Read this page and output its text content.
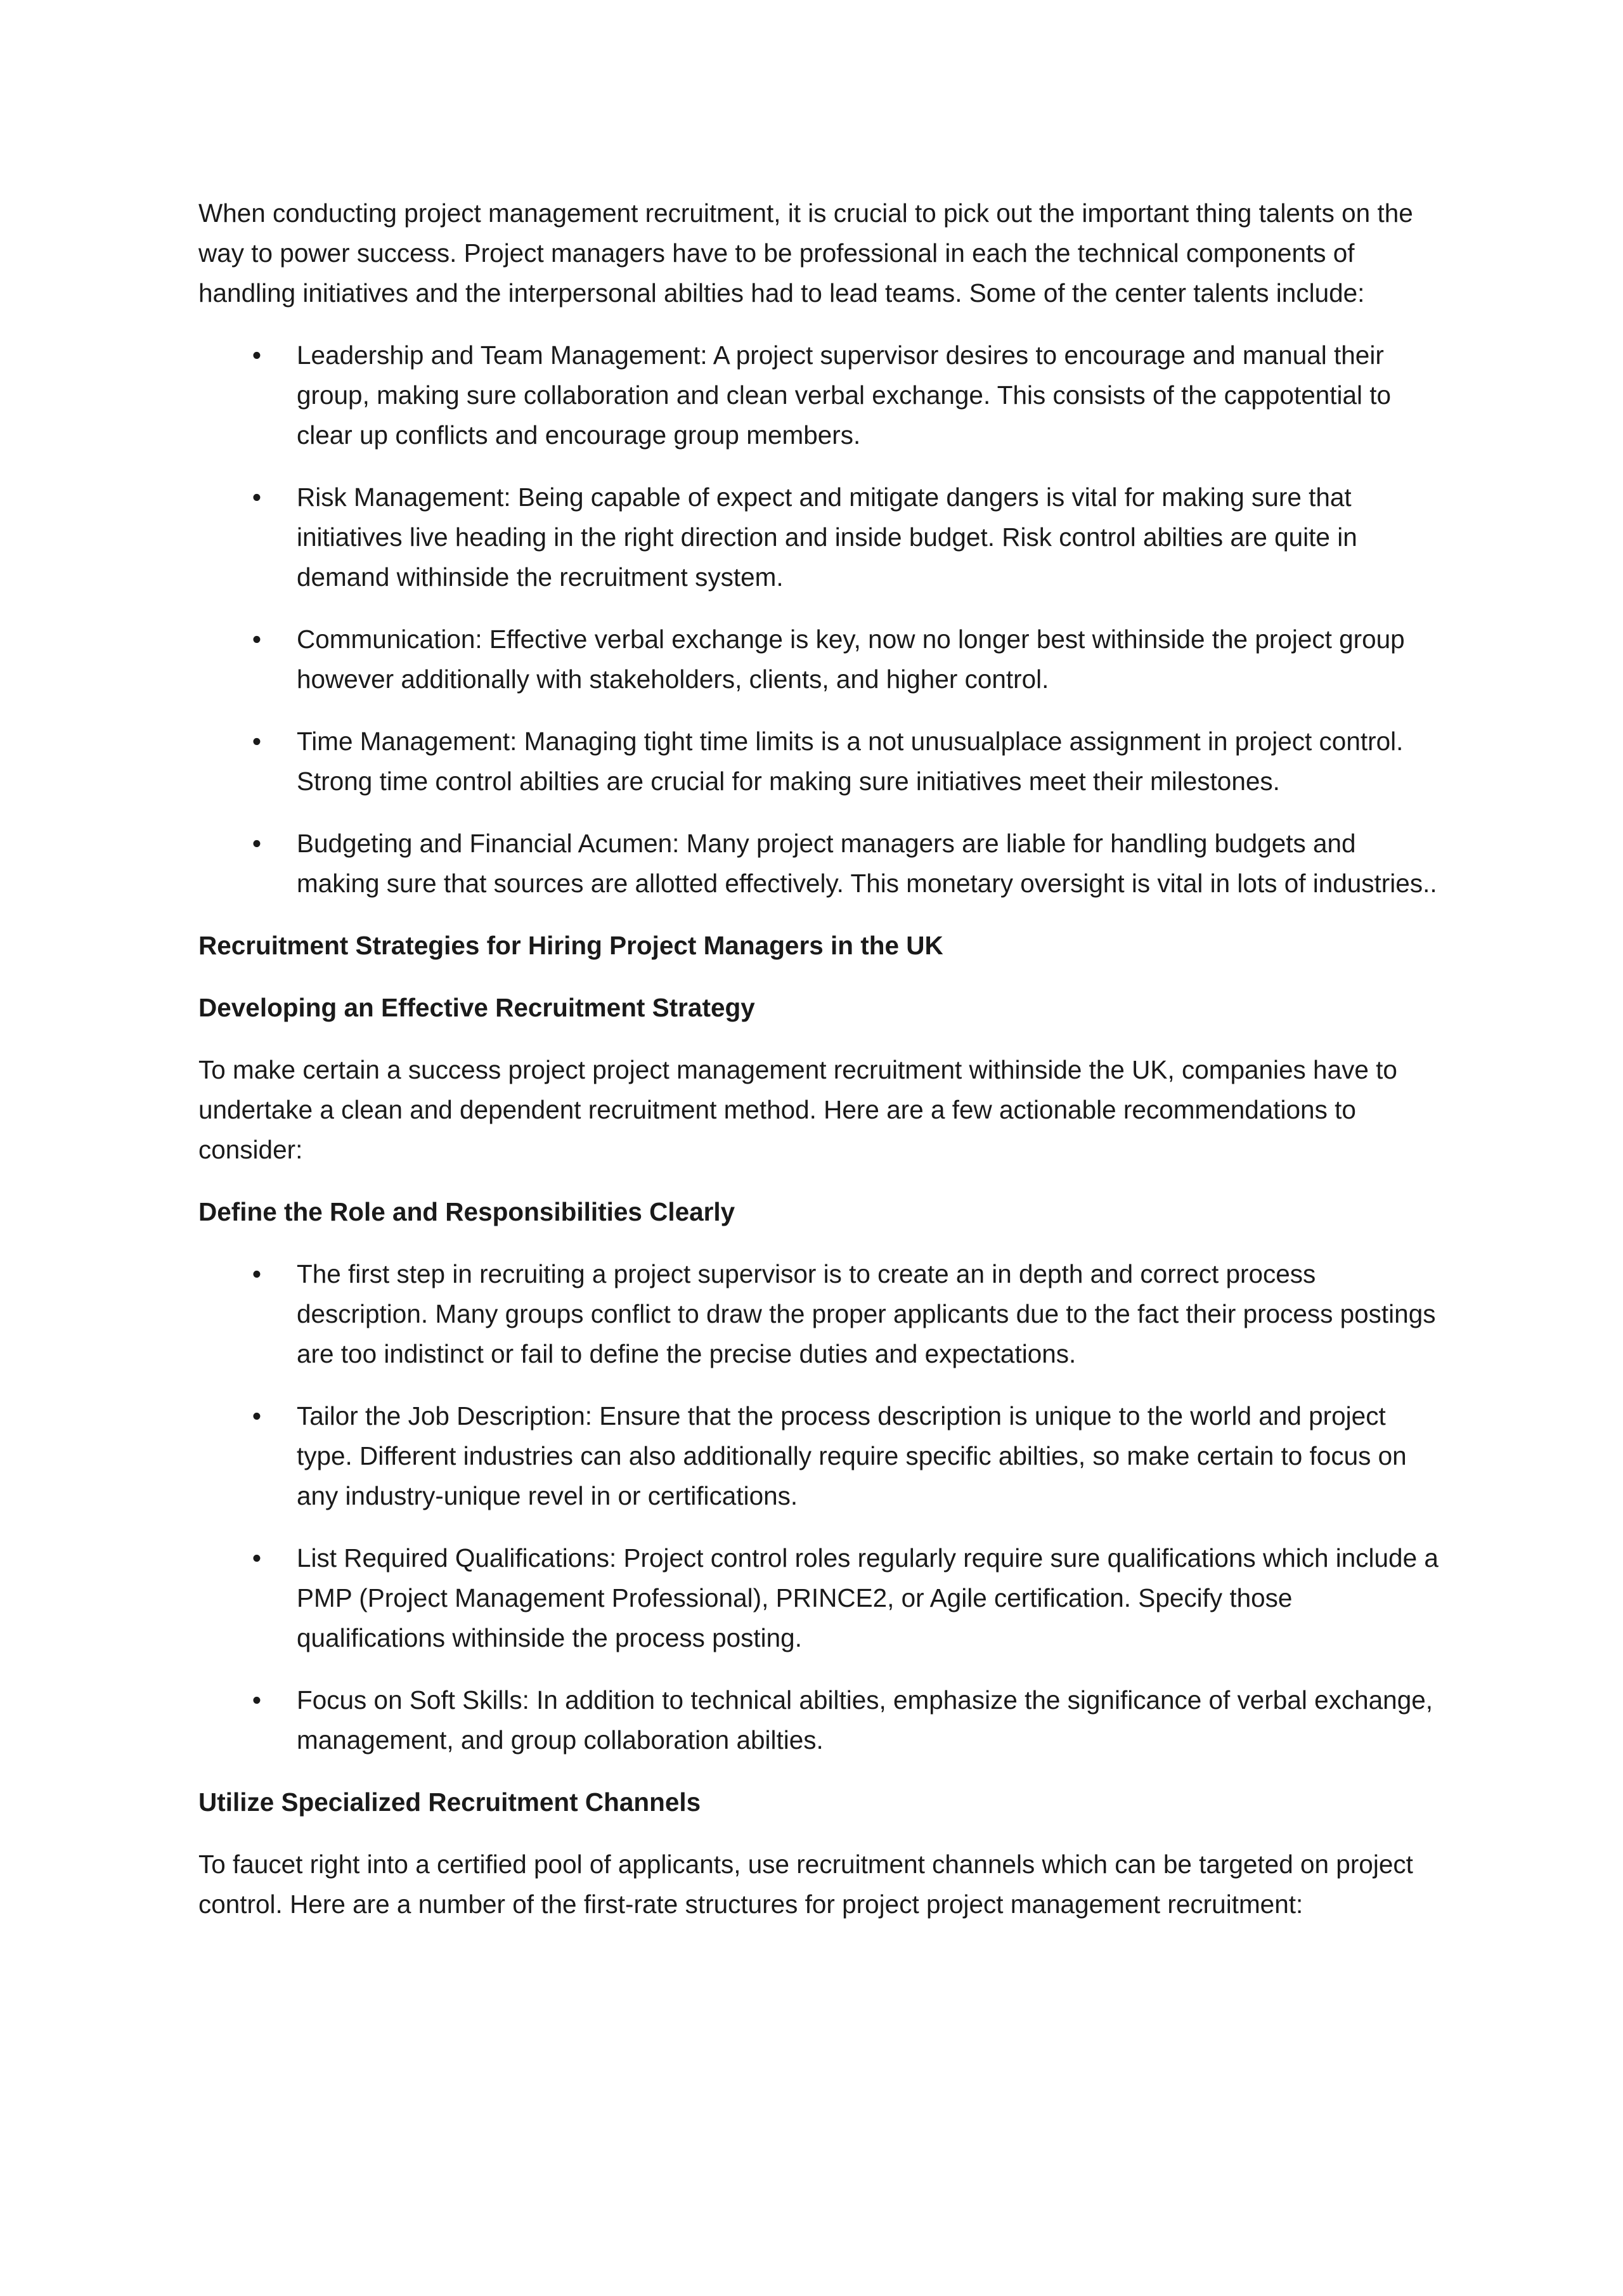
When conducting project management recruitment, it is crucial to pick out the important thing talents on the way to power success. Project managers have to be professional in each the technical components of handling initiatives and the interpersonal abilties had to lead teams. Some of the center talents include:

• Leadership and Team Management: A project supervisor desires to encourage and manual their group, making sure collaboration and clean verbal exchange. This consists of the cappotential to clear up conflicts and encourage group members.
• Risk Management: Being capable of expect and mitigate dangers is vital for making sure that initiatives live heading in the right direction and inside budget. Risk control abilties are quite in demand withinside the recruitment system.
• Communication: Effective verbal exchange is key, now no longer best withinside the project group however additionally with stakeholders, clients, and higher control.
• Time Management: Managing tight time limits is a not unusualplace assignment in project control. Strong time control abilties are crucial for making sure initiatives meet their milestones.
• Budgeting and Financial Acumen: Many project managers are liable for handling budgets and making sure that sources are allotted effectively. This monetary oversight is vital in lots of industries..

Recruitment Strategies for Hiring Project Managers in the UK

Developing an Effective Recruitment Strategy

To make certain a success project project management recruitment withinside the UK, companies have to undertake a clean and dependent recruitment method. Here are a few actionable recommendations to consider:

Define the Role and Responsibilities Clearly

• The first step in recruiting a project supervisor is to create an in depth and correct process description. Many groups conflict to draw the proper applicants due to the fact their process postings are too indistinct or fail to define the precise duties and expectations.
• Tailor the Job Description: Ensure that the process description is unique to the world and project type. Different industries can also additionally require specific abilties, so make certain to focus on any industry-unique revel in or certifications.
• List Required Qualifications: Project control roles regularly require sure qualifications which include a PMP (Project Management Professional), PRINCE2, or Agile certification. Specify those qualifications withinside the process posting.
• Focus on Soft Skills: In addition to technical abilties, emphasize the significance of verbal exchange, management, and group collaboration abilties.

Utilize Specialized Recruitment Channels

To faucet right into a certified pool of applicants, use recruitment channels which can be targeted on project control. Here are a number of the first-rate structures for project project management recruitment:
